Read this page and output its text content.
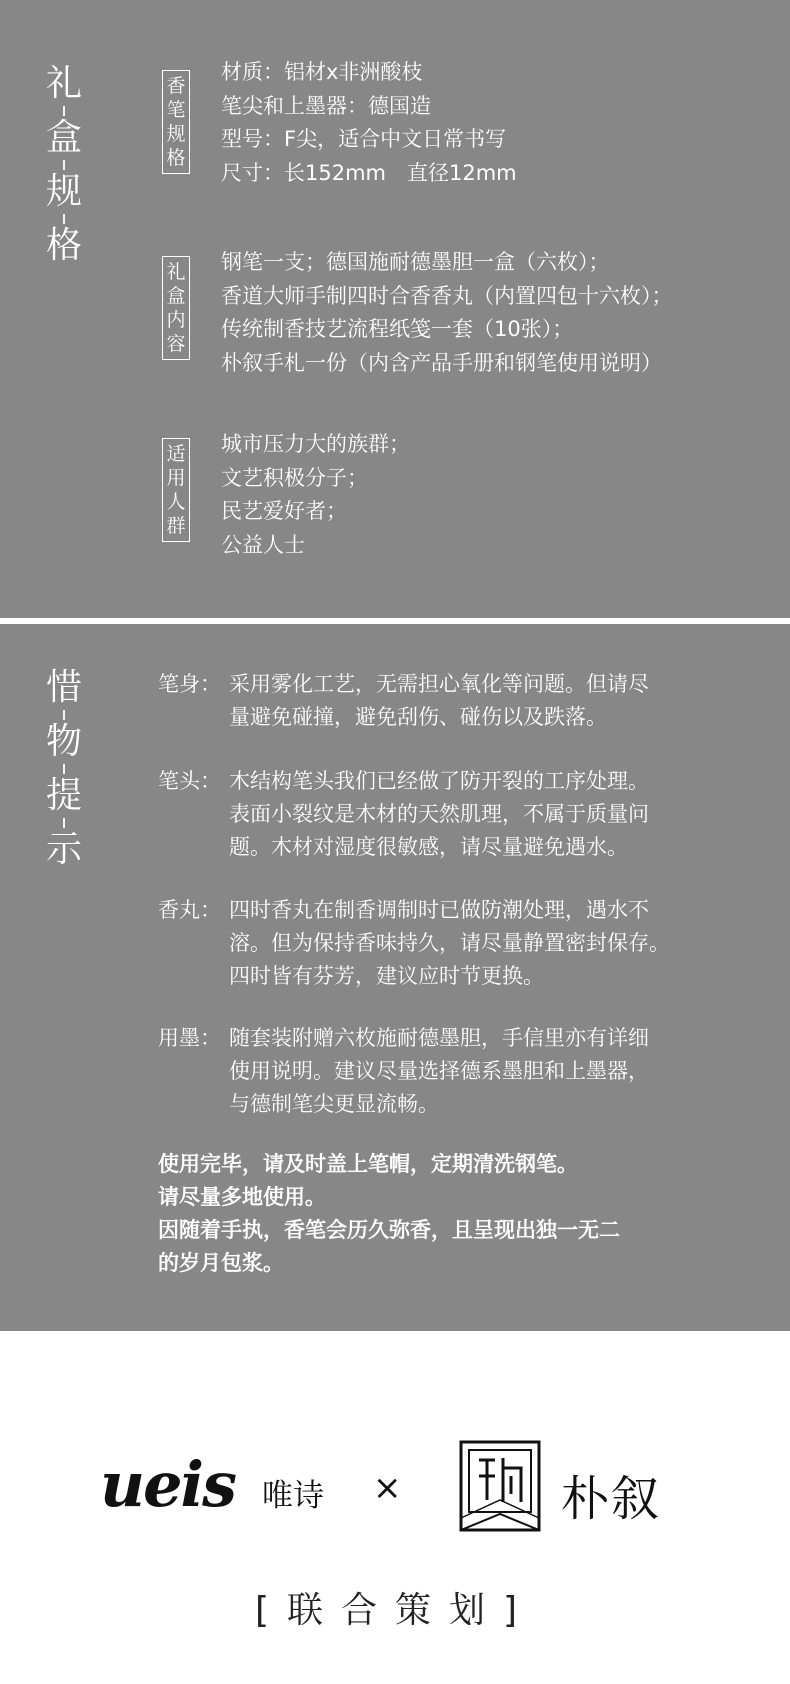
礼
盒
规
格
香
笔
规
格
材质：铝材x非洲酸枝
笔尖和上墨器：德国造
型号：F尖，适合中文日常书写
尺寸：长152mm　直径12mm
礼
盒
内
容
钢笔一支；德国施耐德墨胆一盒（六枚）；
香道大师手制四时合香香丸（内置四包十六枚）；
传统制香技艺流程纸笺一套（10张）；
朴叙手札一份（内含产品手册和钢笔使用说明）
适
用
人
群
城市压力大的族群；
文艺积极分子；
民艺爱好者；
公益人士
惜
物
提
示
笔身： 采用雾化工艺，无需担心氧化等问题。但请尽
量避免碰撞，避免刮伤、碰伤以及跌落。
笔头： 木结构笔头我们已经做了防开裂的工序处理。
表面小裂纹是木材的天然肌理，不属于质量问
题。木材对湿度很敏感，请尽量避免遇水。
香丸： 四时香丸在制香调制时已做防潮处理，遇水不
溶。但为保持香味持久，请尽量静置密封保存。
四时皆有芬芳，建议应时节更换。
用墨： 随套装附赠六枚施耐德墨胆，手信里亦有详细
使用说明。建议尽量选择德系墨胆和上墨器，
与德制笔尖更显流畅。
使用完毕，请及时盖上笔帽，定期清洗钢笔。
请尽量多地使用。
因随着手执，香笔会历久弥香，且呈现出独一无二
的岁月包浆。
ueis 唯诗 ×	朴叙
[联合策划]
